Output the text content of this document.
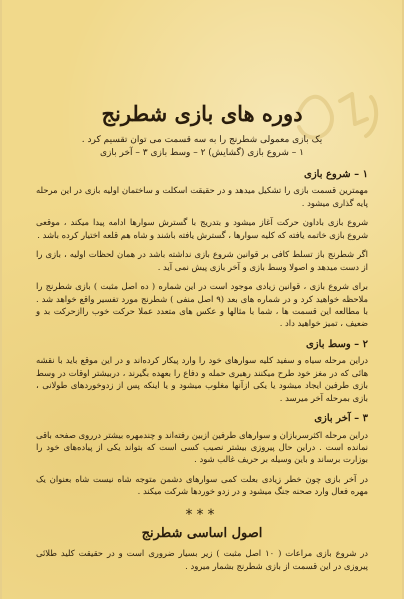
دوره های بازی شطرنج
یک بازی معمولی شطرنج را به سه قسمت می توان تقسیم کرد .
۱ – شروع بازی (گشایش) ۲ – وسط بازی ۳ – آخر بازی
۱ – شروع بازی

مهمترین قسمت بازی را تشکیل میدهد و در حقیقت اسکلت و ساختمان اولیه بازی در این مرحله پایه گذاری میشود .

شروع بازی باداون حرکت آغاز میشود و بتدریج با گسترش سوارها ادامه پیدا میکند ، موقعی شروع بازی خاتمه یافته که کلیه سوارها ، گسترش یافته باشند و شاه هم قلعه اختیار کرده باشد .

اگر شطرنج باز تسلط کافی بر قوانین شروع بازی نداشته باشد در همان لحظات اولیه ، بازی را از دست میدهد و اصولا وسط بازی و آخر بازی پیش نمی آید .

برای شروع بازی ، قوانین زیادی موجود است در این شماره ( ده اصل مثبت ) بازی شطرنج را ملاحظه خواهید کرد و در شماره های بعد (۹ اصل منفی ) شطرنج مورد تفسیر واقع خواهد شد . با مطالعه این قسمت ها ، شما با مثالها و عکس های متعدد عملا حرکت خوب راازحرکت بد و ضعیف ، تمیز خواهید داد .

۲ – وسط بازی

دراین مرحله سیاه و سفید کلیه سوارهای خود را وارد پیکار کرده‌اند و در این موقع باید با نقشه هائی که در مغز خود طرح میکنند رهبری حمله و دفاع را بعهده بگیرند ، دربیشتر اوقات در وسط بازی طرفین ایجاد میشود یا یکی ازآنها مغلوب میشود و یا اینکه پس از زدوخوردهای طولانی ، بازی بمرحله آخر میرسد .

۳ – آخر بازی

دراین مرحله اکثرسربازان و سوارهای طرفین ازبین رفته‌اند و چندمهره بیشتر درروی صفحه باقی نمانده است . دراین حال پیروزی بیشتر نصیب کسی است که بتواند یکی از پیاده‌های خود را بوزارت برساند و باین وسیله بر حریف غالب شود .

در آخر بازی چون خطر زیادی بعلت کمی سوارهای دشمن متوجه شاه نیست شاه بعنوان یک مهره فعال وارد صحنه جنگ میشود و در زدو خوردها شرکت میکند .

***
اصول اساسی شطرنج

در شروع بازی مراعات ( ۱۰ اصل مثبت ) زیر بسیار ضروری است و در حقیقت کلید طلائی پیروزی در این قسمت از بازی شطرنج بشمار میرود .
